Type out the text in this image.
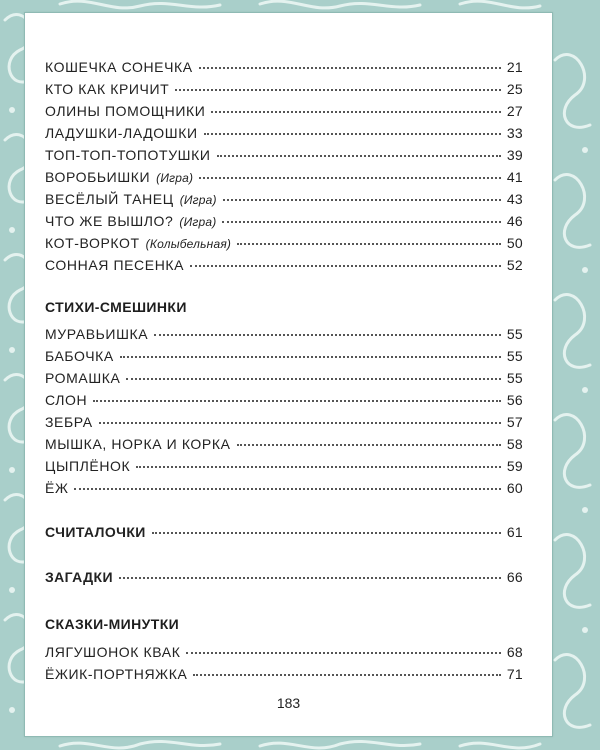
КОШЕЧКА СОНЕЧКА	21
КТО КАК КРИЧИТ	25
ОЛИНЫ ПОМОЩНИКИ	27
ЛАДУШКИ-ЛАДОШКИ	33
ТОП-ТОП-ТОПОТУШКИ	39
ВОРОБЬИШКИ (Игра)	41
ВЕСЁЛЫЙ ТАНЕЦ (Игра)	43
ЧТО ЖЕ ВЫШЛО? (Игра)	46
КОТ-ВОРКОТ (Колыбельная)	50
СОННАЯ ПЕСЕНКА	52
СТИХИ-СМЕШИНКИ
МУРАВЬИШКА	55
БАБОЧКА	55
РОМАШКА	55
СЛОН	56
ЗЕБРА	57
МЫШКА, НОРКА И КОРКА	58
ЦЫПЛЁНОК	59
ЁЖ	60
СЧИТАЛОЧКИ	61
ЗАГАДКИ	66
СКАЗКИ-МИНУТКИ
ЛЯГУШОНОК КВАК	68
ЁЖИК-ПОРТНЯЖКА	71
183
